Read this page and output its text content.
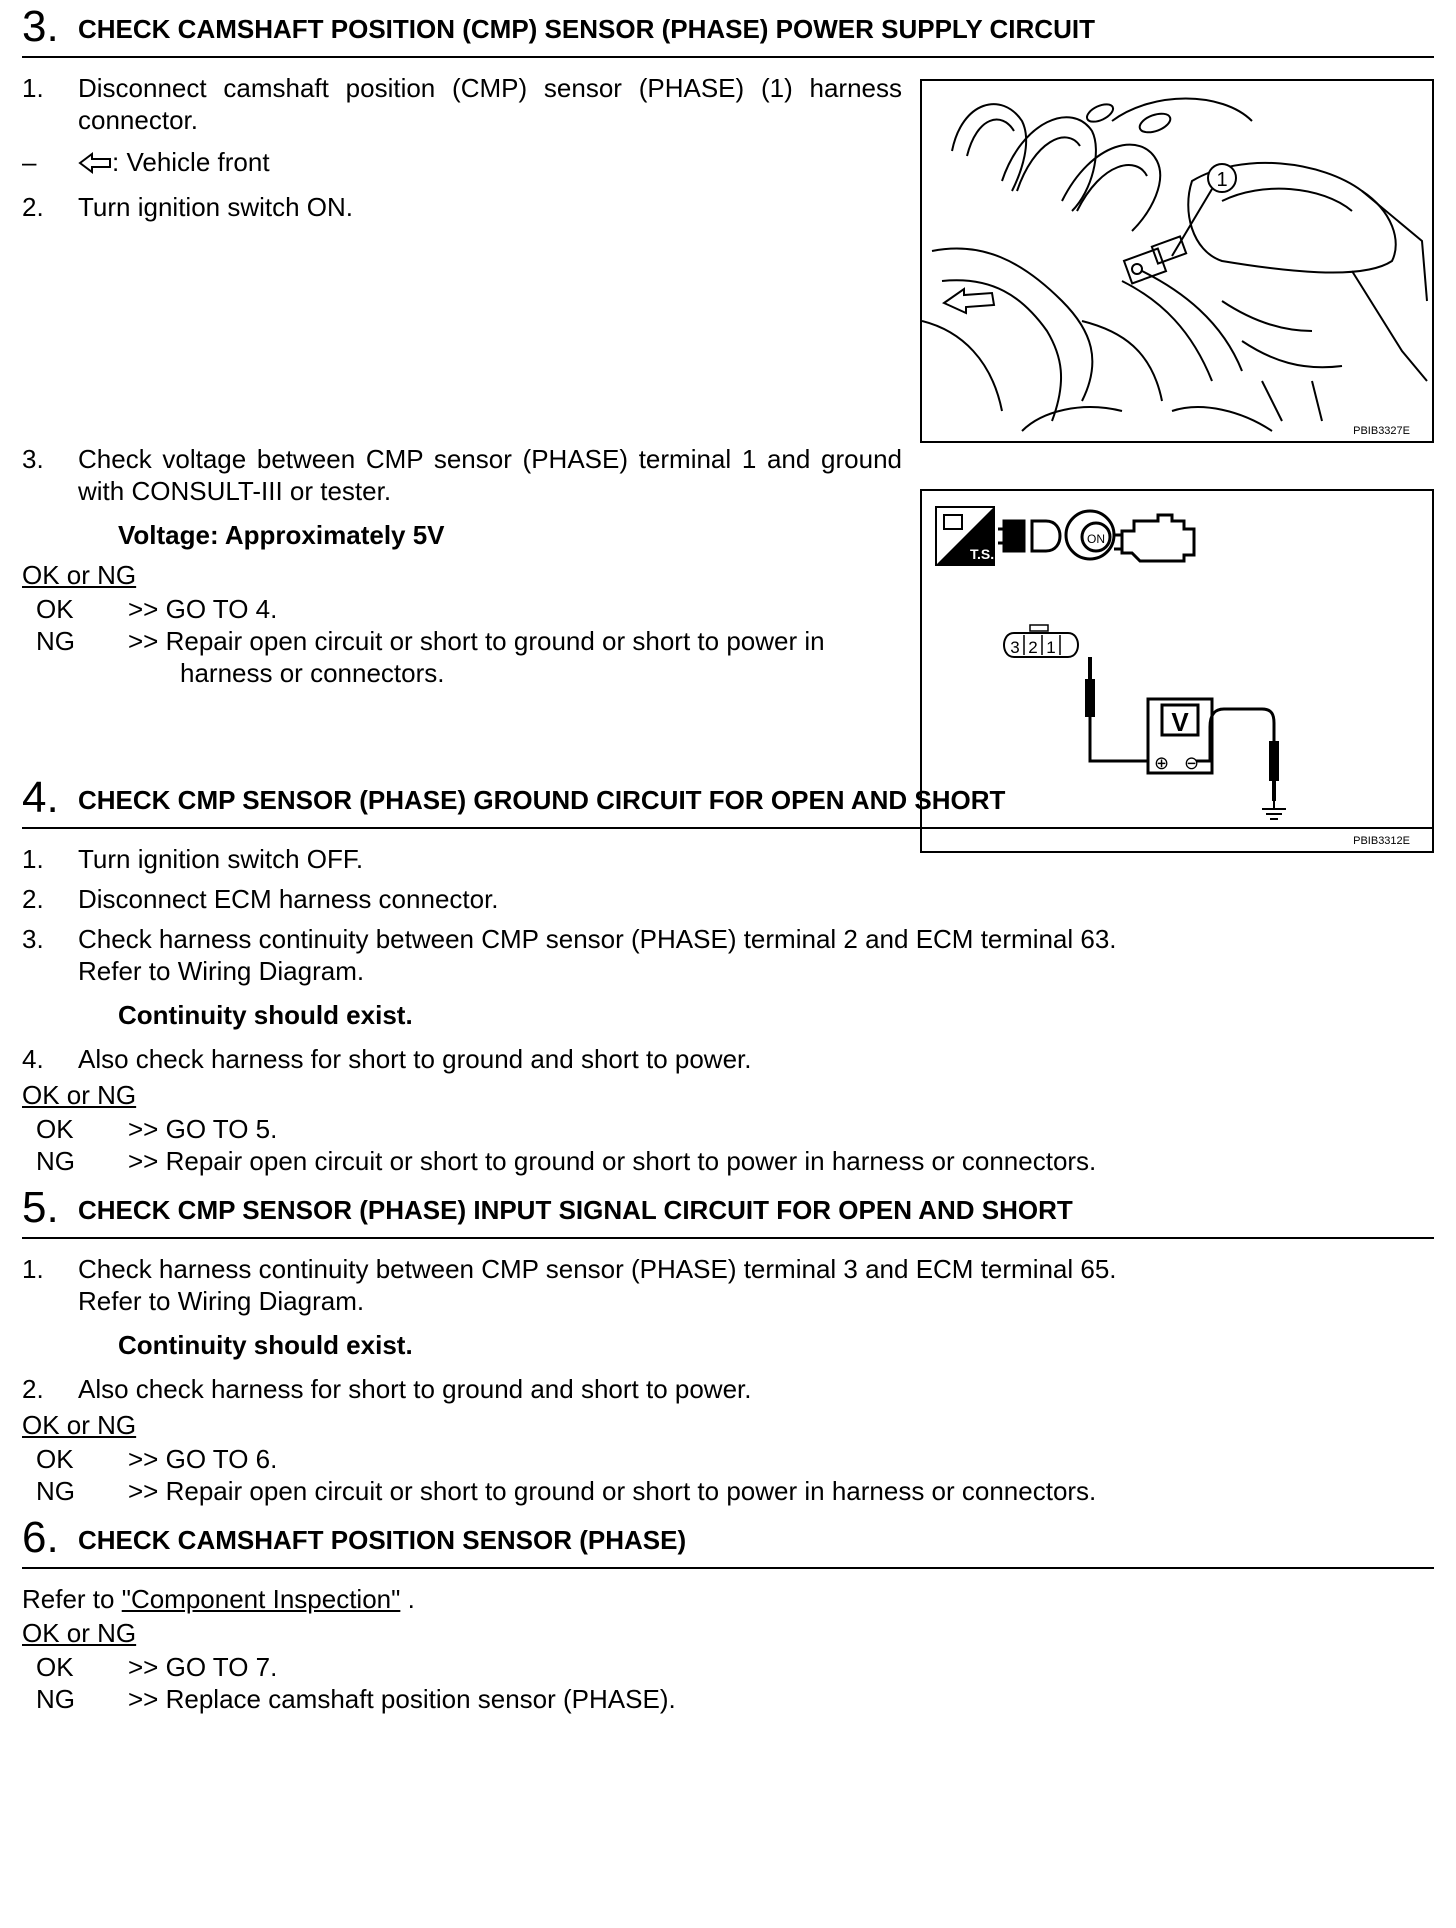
3. CHECK CAMSHAFT POSITION (CMP) SENSOR (PHASE) POWER SUPPLY CIRCUIT
1. Disconnect camshaft position (CMP) sensor (PHASE) (1) harness connector.
–	: Vehicle front
2. Turn ignition switch ON.
1
PBIB3327E
3. Check voltage between CMP sensor (PHASE) terminal 1 and ground with CONSULT-III or tester.
Voltage: Approximately 5V
OK or NG
OK	>> GO TO 4.
NG	>> Repair open circuit or short to ground or short to power in harness or connectors.
T.S.
ON
3 2 1
V
⊕ ⊖
PBIB3312E
4. CHECK CMP SENSOR (PHASE) GROUND CIRCUIT FOR OPEN AND SHORT
1. Turn ignition switch OFF.
2. Disconnect ECM harness connector.
3. Check harness continuity between CMP sensor (PHASE) terminal 2 and ECM terminal 63.
Refer to Wiring Diagram.
Continuity should exist.
4. Also check harness for short to ground and short to power.
OK or NG
OK	>> GO TO 5.
NG	>> Repair open circuit or short to ground or short to power in harness or connectors.
5. CHECK CMP SENSOR (PHASE) INPUT SIGNAL CIRCUIT FOR OPEN AND SHORT
1. Check harness continuity between CMP sensor (PHASE) terminal 3 and ECM terminal 65.
Refer to Wiring Diagram.
Continuity should exist.
2. Also check harness for short to ground and short to power.
OK or NG
OK	>> GO TO 6.
NG	>> Repair open circuit or short to ground or short to power in harness or connectors.
6. CHECK CAMSHAFT POSITION SENSOR (PHASE)
Refer to "Component Inspection" .
OK or NG
OK	>> GO TO 7.
NG	>> Replace camshaft position sensor (PHASE).
